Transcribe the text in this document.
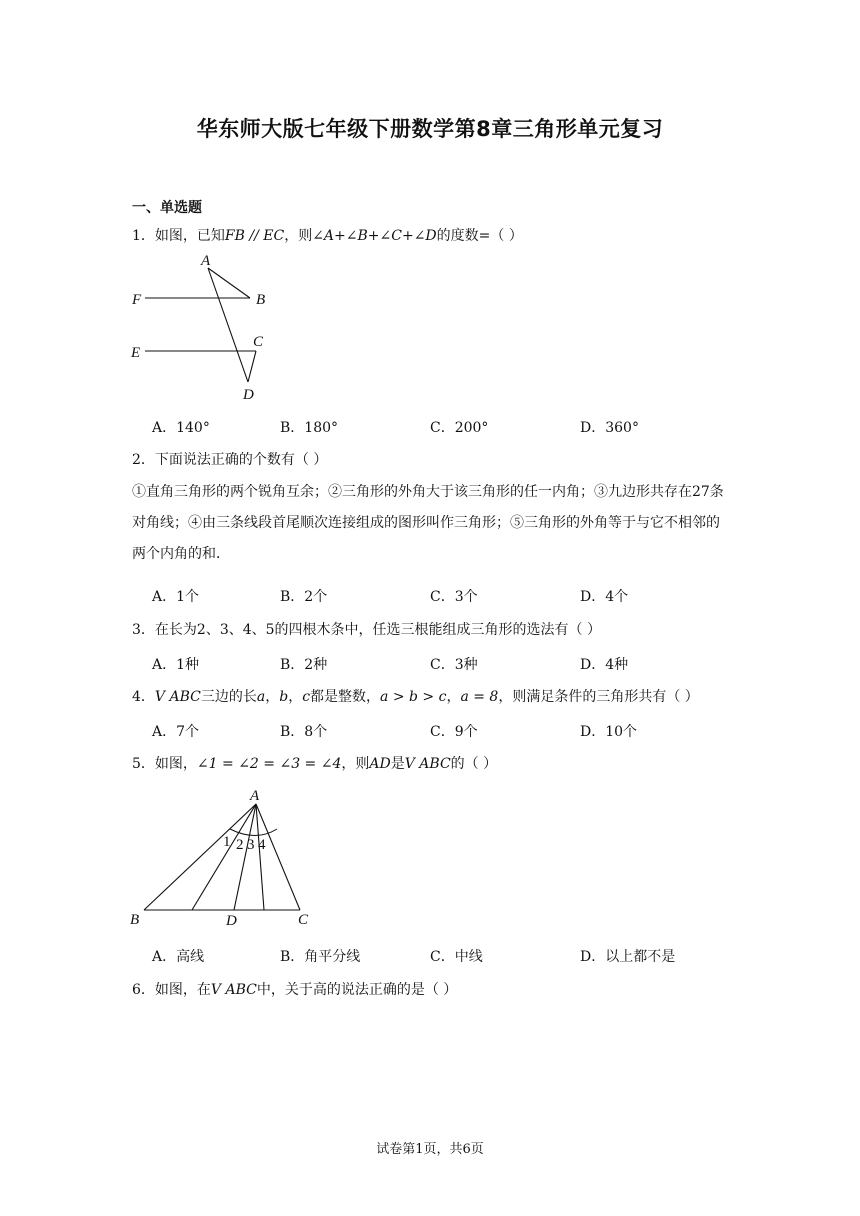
华东师大版七年级下册数学第8章三角形单元复习
一、单选题
1．如图，已知FB // EC，则∠A+∠B+∠C+∠D的度数=（ ）
A
F	B
E
C
D
A．140°	B．180°	C．200°	D．360°
2．下面说法正确的个数有（ ）
①直角三角形的两个锐角互余；②三角形的外角大于该三角形的任一内角；③九边形共存在27条对角线；④由三条线段首尾顺次连接组成的图形叫作三角形；⑤三角形的外角等于与它不相邻的两个内角的和．
A．1个	B．2个	C．3个	D．4个
3．在长为2、3、4、5的四根木条中，任选三根能组成三角形的选法有（ ）
A．1种	B．2种	C．3种	D．4种
4．V ABC三边的长a，b，c都是整数，a > b > c，a = 8，则满足条件的三角形共有（ ）
A．7个	B．8个	C．9个	D．10个
5．如图，∠1 = ∠2 = ∠3 = ∠4，则AD是V ABC的（ ）
A
B	D	C
1 2 3 4
A．高线	B．角平分线	C．中线	D．以上都不是
6．如图，在V ABC中，关于高的说法正确的是（ ）
试卷第1页，共6页
